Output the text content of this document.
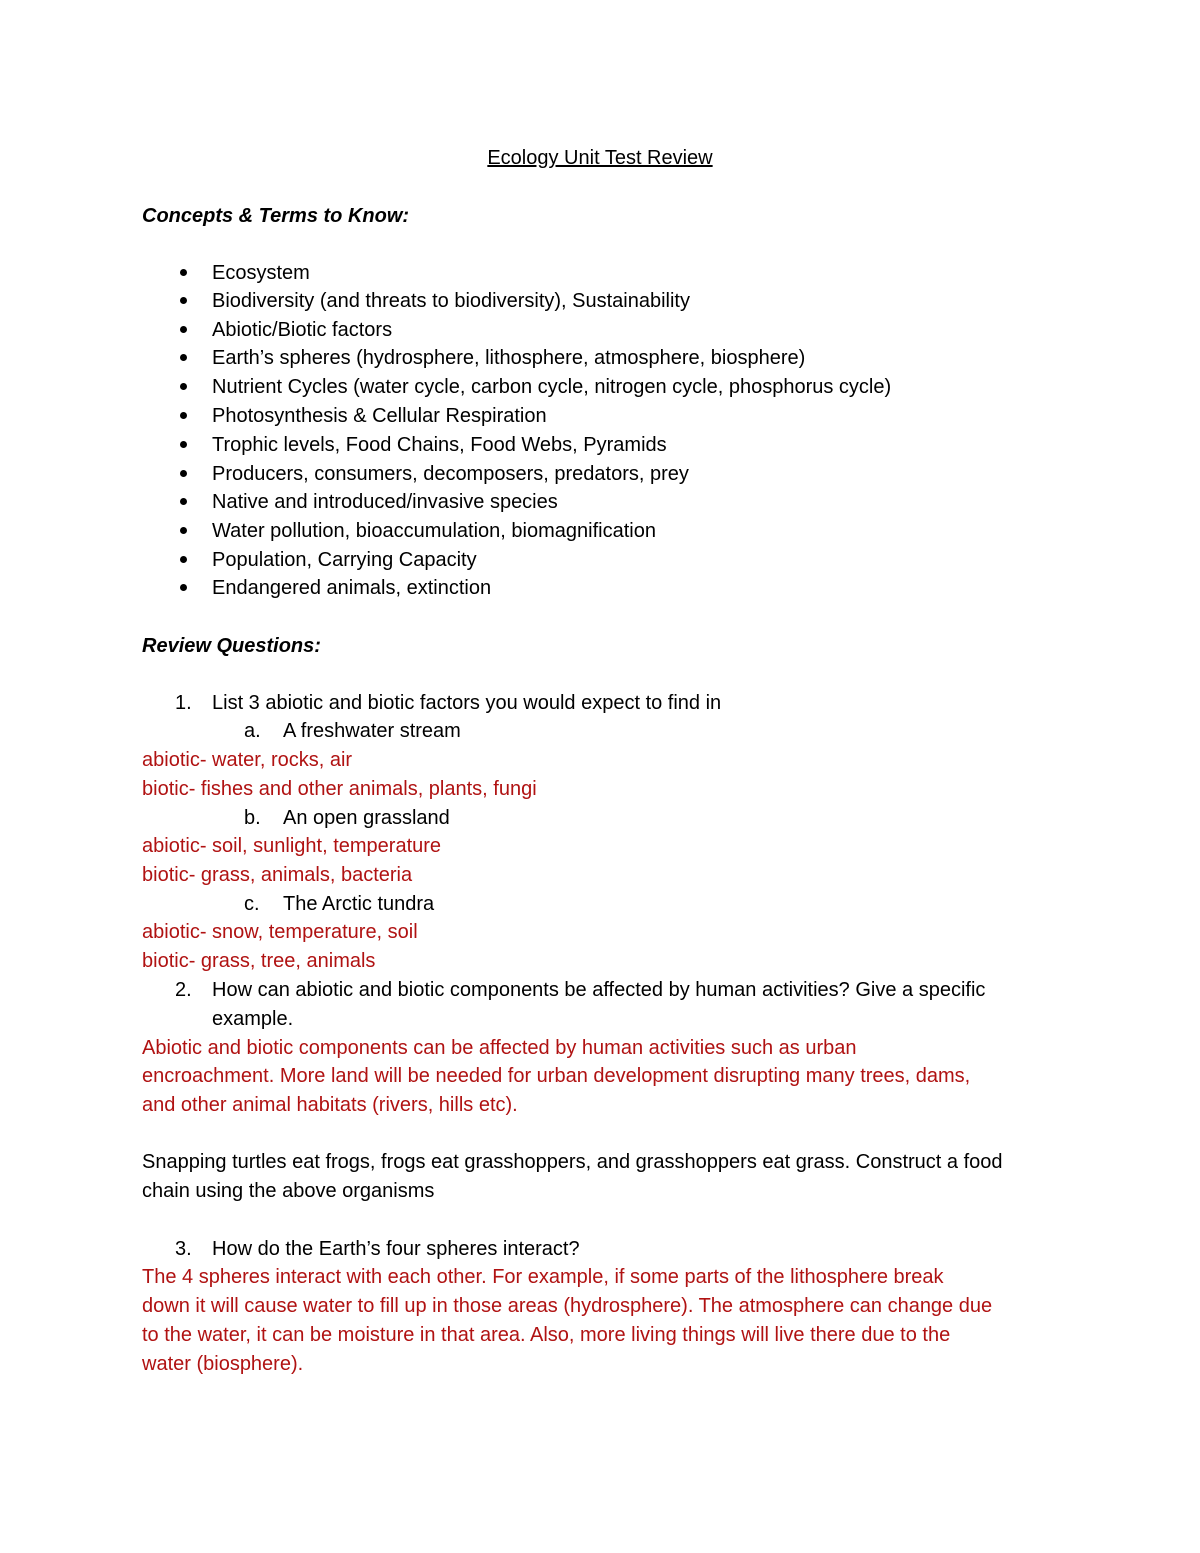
Ecology Unit Test Review
Concepts & Terms to Know:
Ecosystem
Biodiversity (and threats to biodiversity), Sustainability
Abiotic/Biotic factors
Earth’s spheres (hydrosphere, lithosphere, atmosphere, biosphere)
Nutrient Cycles (water cycle, carbon cycle, nitrogen cycle, phosphorus cycle)
Photosynthesis & Cellular Respiration
Trophic levels, Food Chains, Food Webs, Pyramids
Producers, consumers, decomposers, predators, prey
Native and introduced/invasive species
Water pollution, bioaccumulation, biomagnification
Population, Carrying Capacity
Endangered animals, extinction
Review Questions:
1. List 3 abiotic and biotic factors you would expect to find in
a. A freshwater stream
abiotic- water, rocks, air
biotic- fishes and other animals, plants, fungi
b. An open grassland
abiotic- soil, sunlight, temperature
biotic- grass, animals, bacteria
c. The Arctic tundra
abiotic- snow, temperature, soil
biotic- grass, tree, animals
2. How can abiotic and biotic components be affected by human activities? Give a specific
example.
Abiotic and biotic components can be affected by human activities such as urban
encroachment. More land will be needed for urban development disrupting many trees, dams,
and other animal habitats (rivers, hills etc).
Snapping turtles eat frogs, frogs eat grasshoppers, and grasshoppers eat grass. Construct a food
chain using the above organisms
3. How do the Earth’s four spheres interact?
The 4 spheres interact with each other. For example, if some parts of the lithosphere break
down it will cause water to fill up in those areas (hydrosphere). The atmosphere can change due
to the water, it can be moisture in that area. Also, more living things will live there due to the
water (biosphere).
